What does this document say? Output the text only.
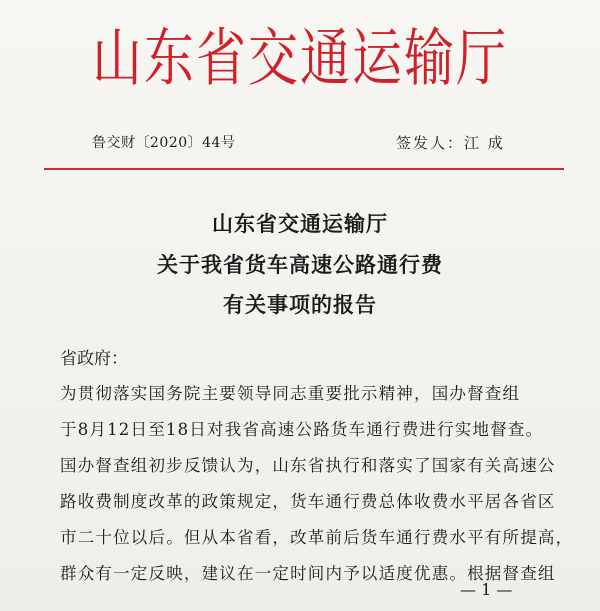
山东省交通运输厅
鲁交财〔2020〕44号	签发人：江 成
山东省交通运输厅
关于我省货车高速公路通行费
有关事项的报告
省政府：
为贯彻落实国务院主要领导同志重要批示精神，国办督查组
于8月12日至18日对我省高速公路货车通行费进行实地督查。
国办督查组初步反馈认为，山东省执行和落实了国家有关高速公
路收费制度改革的政策规定，货车通行费总体收费水平居各省区
市二十位以后。但从本省看，改革前后货车通行费水平有所提高，
群众有一定反映，建议在一定时间内予以适度优惠。根据督查组
— 1 —
